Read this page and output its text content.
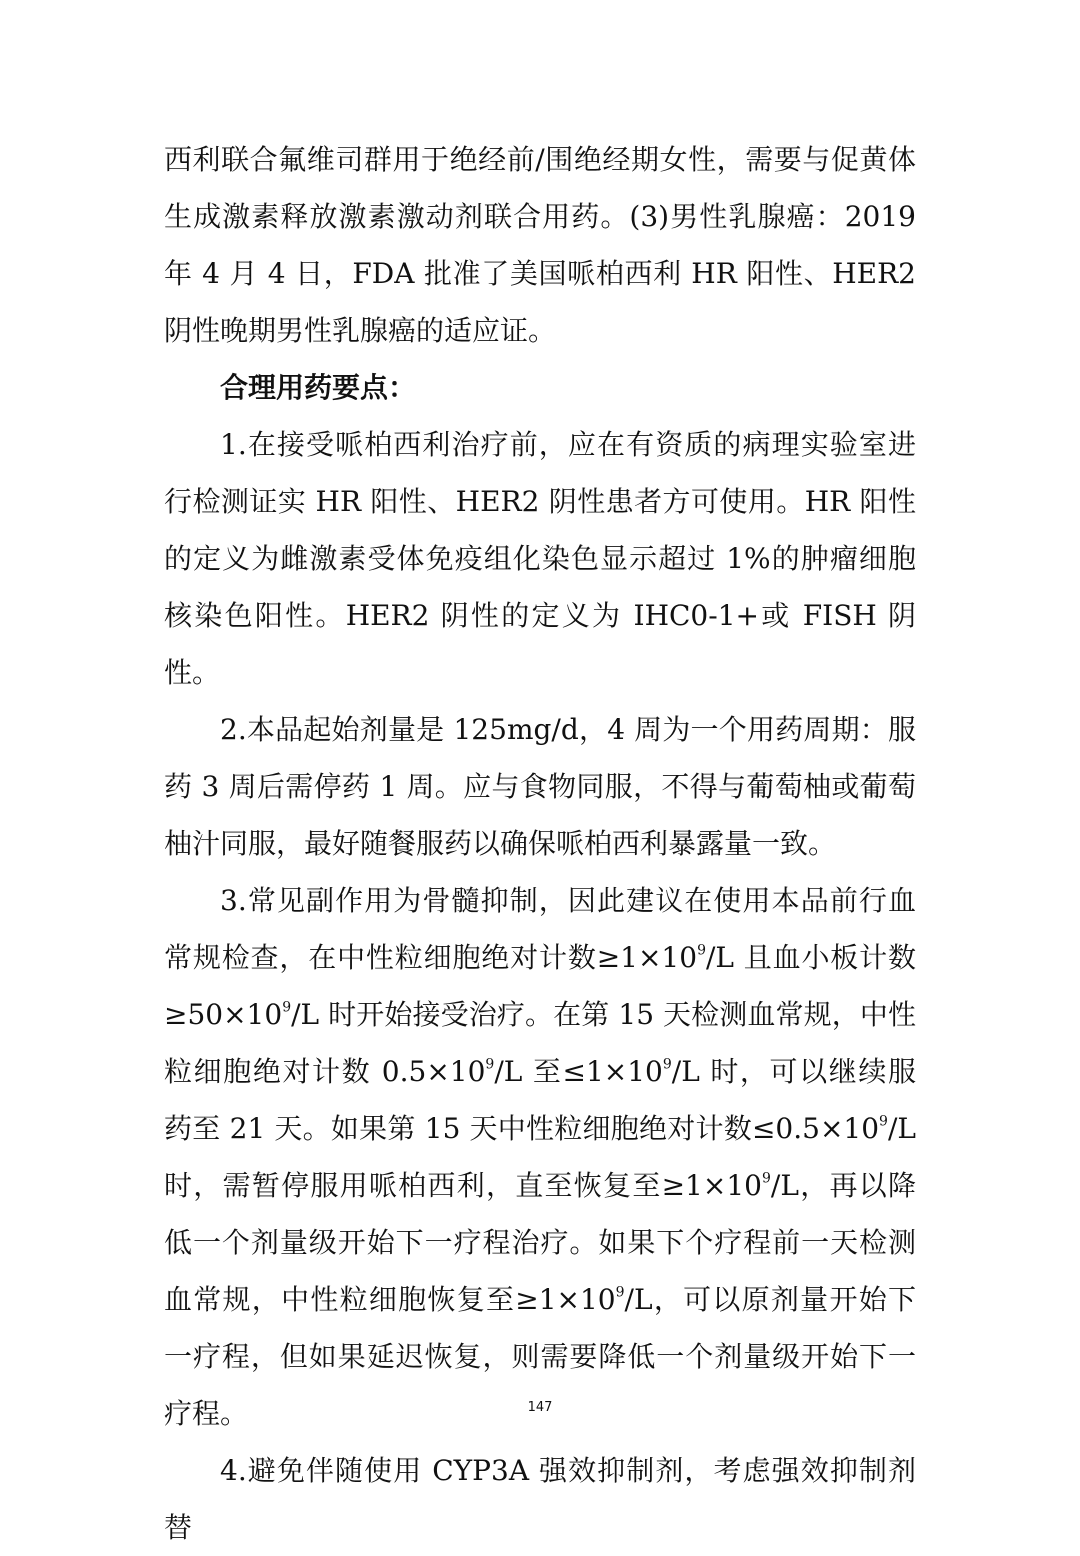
西利联合氟维司群用于绝经前/围绝经期女性，需要与促黄体生成激素释放激素激动剂联合用药。(3)男性乳腺癌：2019年 4 月 4 日，FDA 批准了美国哌柏西利 HR 阳性、HER2 阴性晚期男性乳腺癌的适应证。

合理用药要点：

1.在接受哌柏西利治疗前，应在有资质的病理实验室进行检测证实 HR 阳性、HER2 阴性患者方可使用。HR 阳性的定义为雌激素受体免疫组化染色显示超过 1%的肿瘤细胞核染色阳性。HER2 阴性的定义为 IHC0-1+或 FISH 阴性。

2.本品起始剂量是 125mg/d，4 周为一个用药周期：服药 3 周后需停药 1 周。应与食物同服，不得与葡萄柚或葡萄柚汁同服，最好随餐服药以确保哌柏西利暴露量一致。

3.常见副作用为骨髓抑制，因此建议在使用本品前行血常规检查，在中性粒细胞绝对计数$\ge 1\times 10^9/L$ 且血小板计数$\ge 50\times 10^9/L$ 时开始接受治疗。在第 15 天检测血常规，中性粒细胞绝对计数 $0.5\times 10^9/L$ 至$\le 1\times 10^9/L$ 时，可以继续服药至 21 天。如果第 15 天中性粒细胞绝对计数$\le 0.5\times 10^9/L$ 时，需暂停服用哌柏西利，直至恢复至$\ge 1\times 10^9/L$，再以降低一个剂量级开始下一疗程治疗。如果下个疗程前一天检测血常规，中性粒细胞恢复至$\ge 1\times 10^9/L$，可以原剂量开始下一疗程，但如果延迟恢复，则需要降低一个剂量级开始下一疗程。

4.避免伴随使用 CYP3A 强效抑制剂，考虑强效抑制剂替

147
